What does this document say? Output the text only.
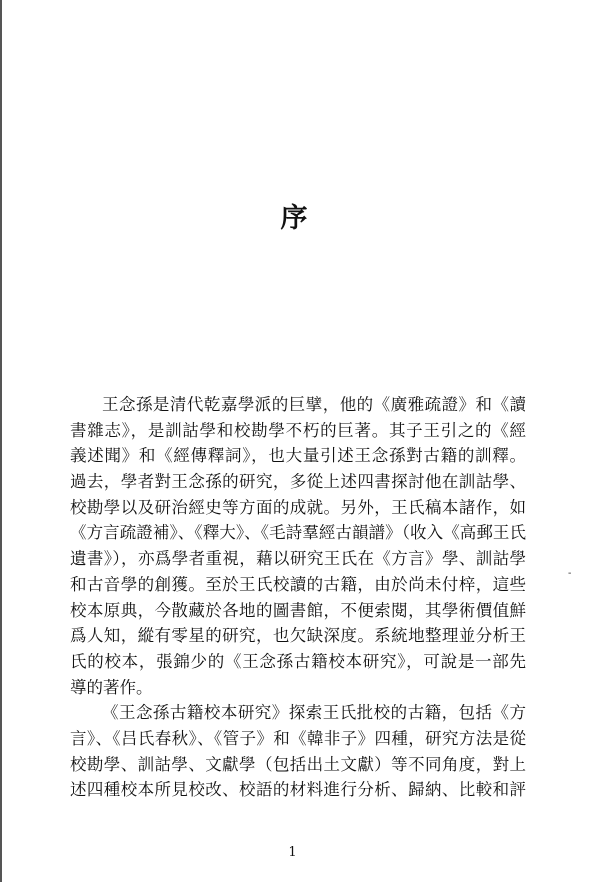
序
王念孫是清代乾嘉學派的巨擘，他的《廣雅疏證》和《讀
書雜志》，是訓詁學和校勘學不朽的巨著。其子王引之的《經
義述聞》和《經傳釋詞》，也大量引述王念孫對古籍的訓釋。
過去，學者對王念孫的研究，多從上述四書探討他在訓詁學、
校勘學以及研治經史等方面的成就。另外，王氏稿本諸作，如
《方言疏證補》、《釋大》、《毛詩羣經古韻譜》（收入《高郵王氏
遺書》），亦爲學者重視，藉以研究王氏在《方言》學、訓詁學
和古音學的創獲。至於王氏校讀的古籍，由於尚未付梓，這些
校本原典，今散藏於各地的圖書館，不便索閱，其學術價值鮮
爲人知，縱有零星的研究，也欠缺深度。系統地整理並分析王
氏的校本，張錦少的《王念孫古籍校本研究》，可說是一部先
導的著作。
《王念孫古籍校本研究》探索王氏批校的古籍，包括《方
言》、《吕氏春秋》、《管子》和《韓非子》四種，研究方法是從
校勘學、訓詁學、文獻學（包括出土文獻）等不同角度，對上
述四種校本所見校改、校語的材料進行分析、歸納、比較和評
-
1
